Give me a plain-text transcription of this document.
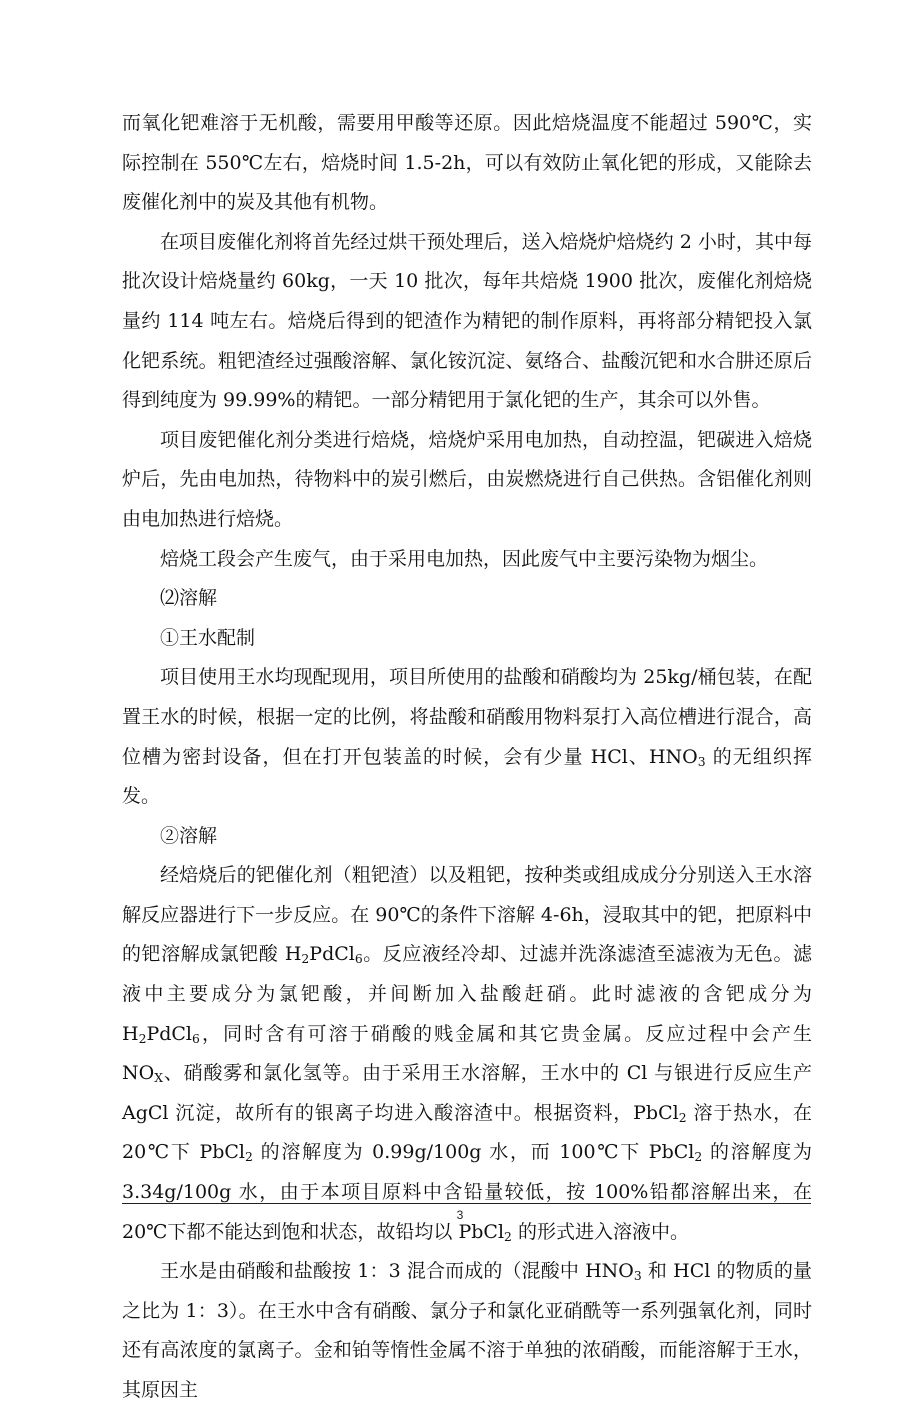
而氧化钯难溶于无机酸，需要用甲酸等还原。因此焙烧温度不能超过 590℃，实际控制在 550℃左右，焙烧时间 1.5-2h，可以有效防止氧化钯的形成，又能除去废催化剂中的炭及其他有机物。

在项目废催化剂将首先经过烘干预处理后，送入焙烧炉焙烧约 2 小时，其中每批次设计焙烧量约 60kg，一天 10 批次，每年共焙烧 1900 批次，废催化剂焙烧量约 114 吨左右。焙烧后得到的钯渣作为精钯的制作原料，再将部分精钯投入氯化钯系统。粗钯渣经过强酸溶解、氯化铵沉淀、氨络合、盐酸沉钯和水合肼还原后得到纯度为 99.99%的精钯。一部分精钯用于氯化钯的生产，其余可以外售。

项目废钯催化剂分类进行焙烧，焙烧炉采用电加热，自动控温，钯碳进入焙烧炉后，先由电加热，待物料中的炭引燃后，由炭燃烧进行自己供热。含铝催化剂则由电加热进行焙烧。

焙烧工段会产生废气，由于采用电加热，因此废气中主要污染物为烟尘。

⑵溶解

①王水配制

项目使用王水均现配现用，项目所使用的盐酸和硝酸均为 25kg/桶包装，在配置王水的时候，根据一定的比例，将盐酸和硝酸用物料泵打入高位槽进行混合，高位槽为密封设备，但在打开包装盖的时候，会有少量 HCl、$HNO_3$ 的无组织挥发。

②溶解

经焙烧后的钯催化剂（粗钯渣）以及粗钯，按种类或组成成分分别送入王水溶解反应器进行下一步反应。在 90℃的条件下溶解 4-6h，浸取其中的钯，把原料中的钯溶解成氯钯酸 $H_2PdCl_6$。反应液经冷却、过滤并洗涤滤渣至滤液为无色。滤液中主要成分为氯钯酸，并间断加入盐酸赶硝。此时滤液的含钯成分为 $H_2PdCl_6$，同时含有可溶于硝酸的贱金属和其它贵金属。反应过程中会产生 $NO_X$、硝酸雾和氯化氢等。由于采用王水溶解，王水中的 Cl 与银进行反应生产 AgCl 沉淀，故所有的银离子均进入酸溶渣中。根据资料，PbCl$_2$ 溶于热水，在 20℃下 PbCl$_2$ 的溶解度为 0.99g/100g 水，而 100℃下 PbCl$_2$ 的溶解度为 3.34g/100g 水，由于本项目原料中含铅量较低，按 100%铅都溶解出来，在 20℃下都不能达到饱和状态，故铅均以 PbCl$_2$ 的形式进入溶液中。

王水是由硝酸和盐酸按 1：3 混合而成的（混酸中 $HNO_3$ 和 HCl 的物质的量之比为 1：3）。在王水中含有硝酸、氯分子和氯化亚硝酰等一系列强氧化剂，同时还有高浓度的氯离子。金和铂等惰性金属不溶于单独的浓硝酸，而能溶解于王水，其原因主

3
